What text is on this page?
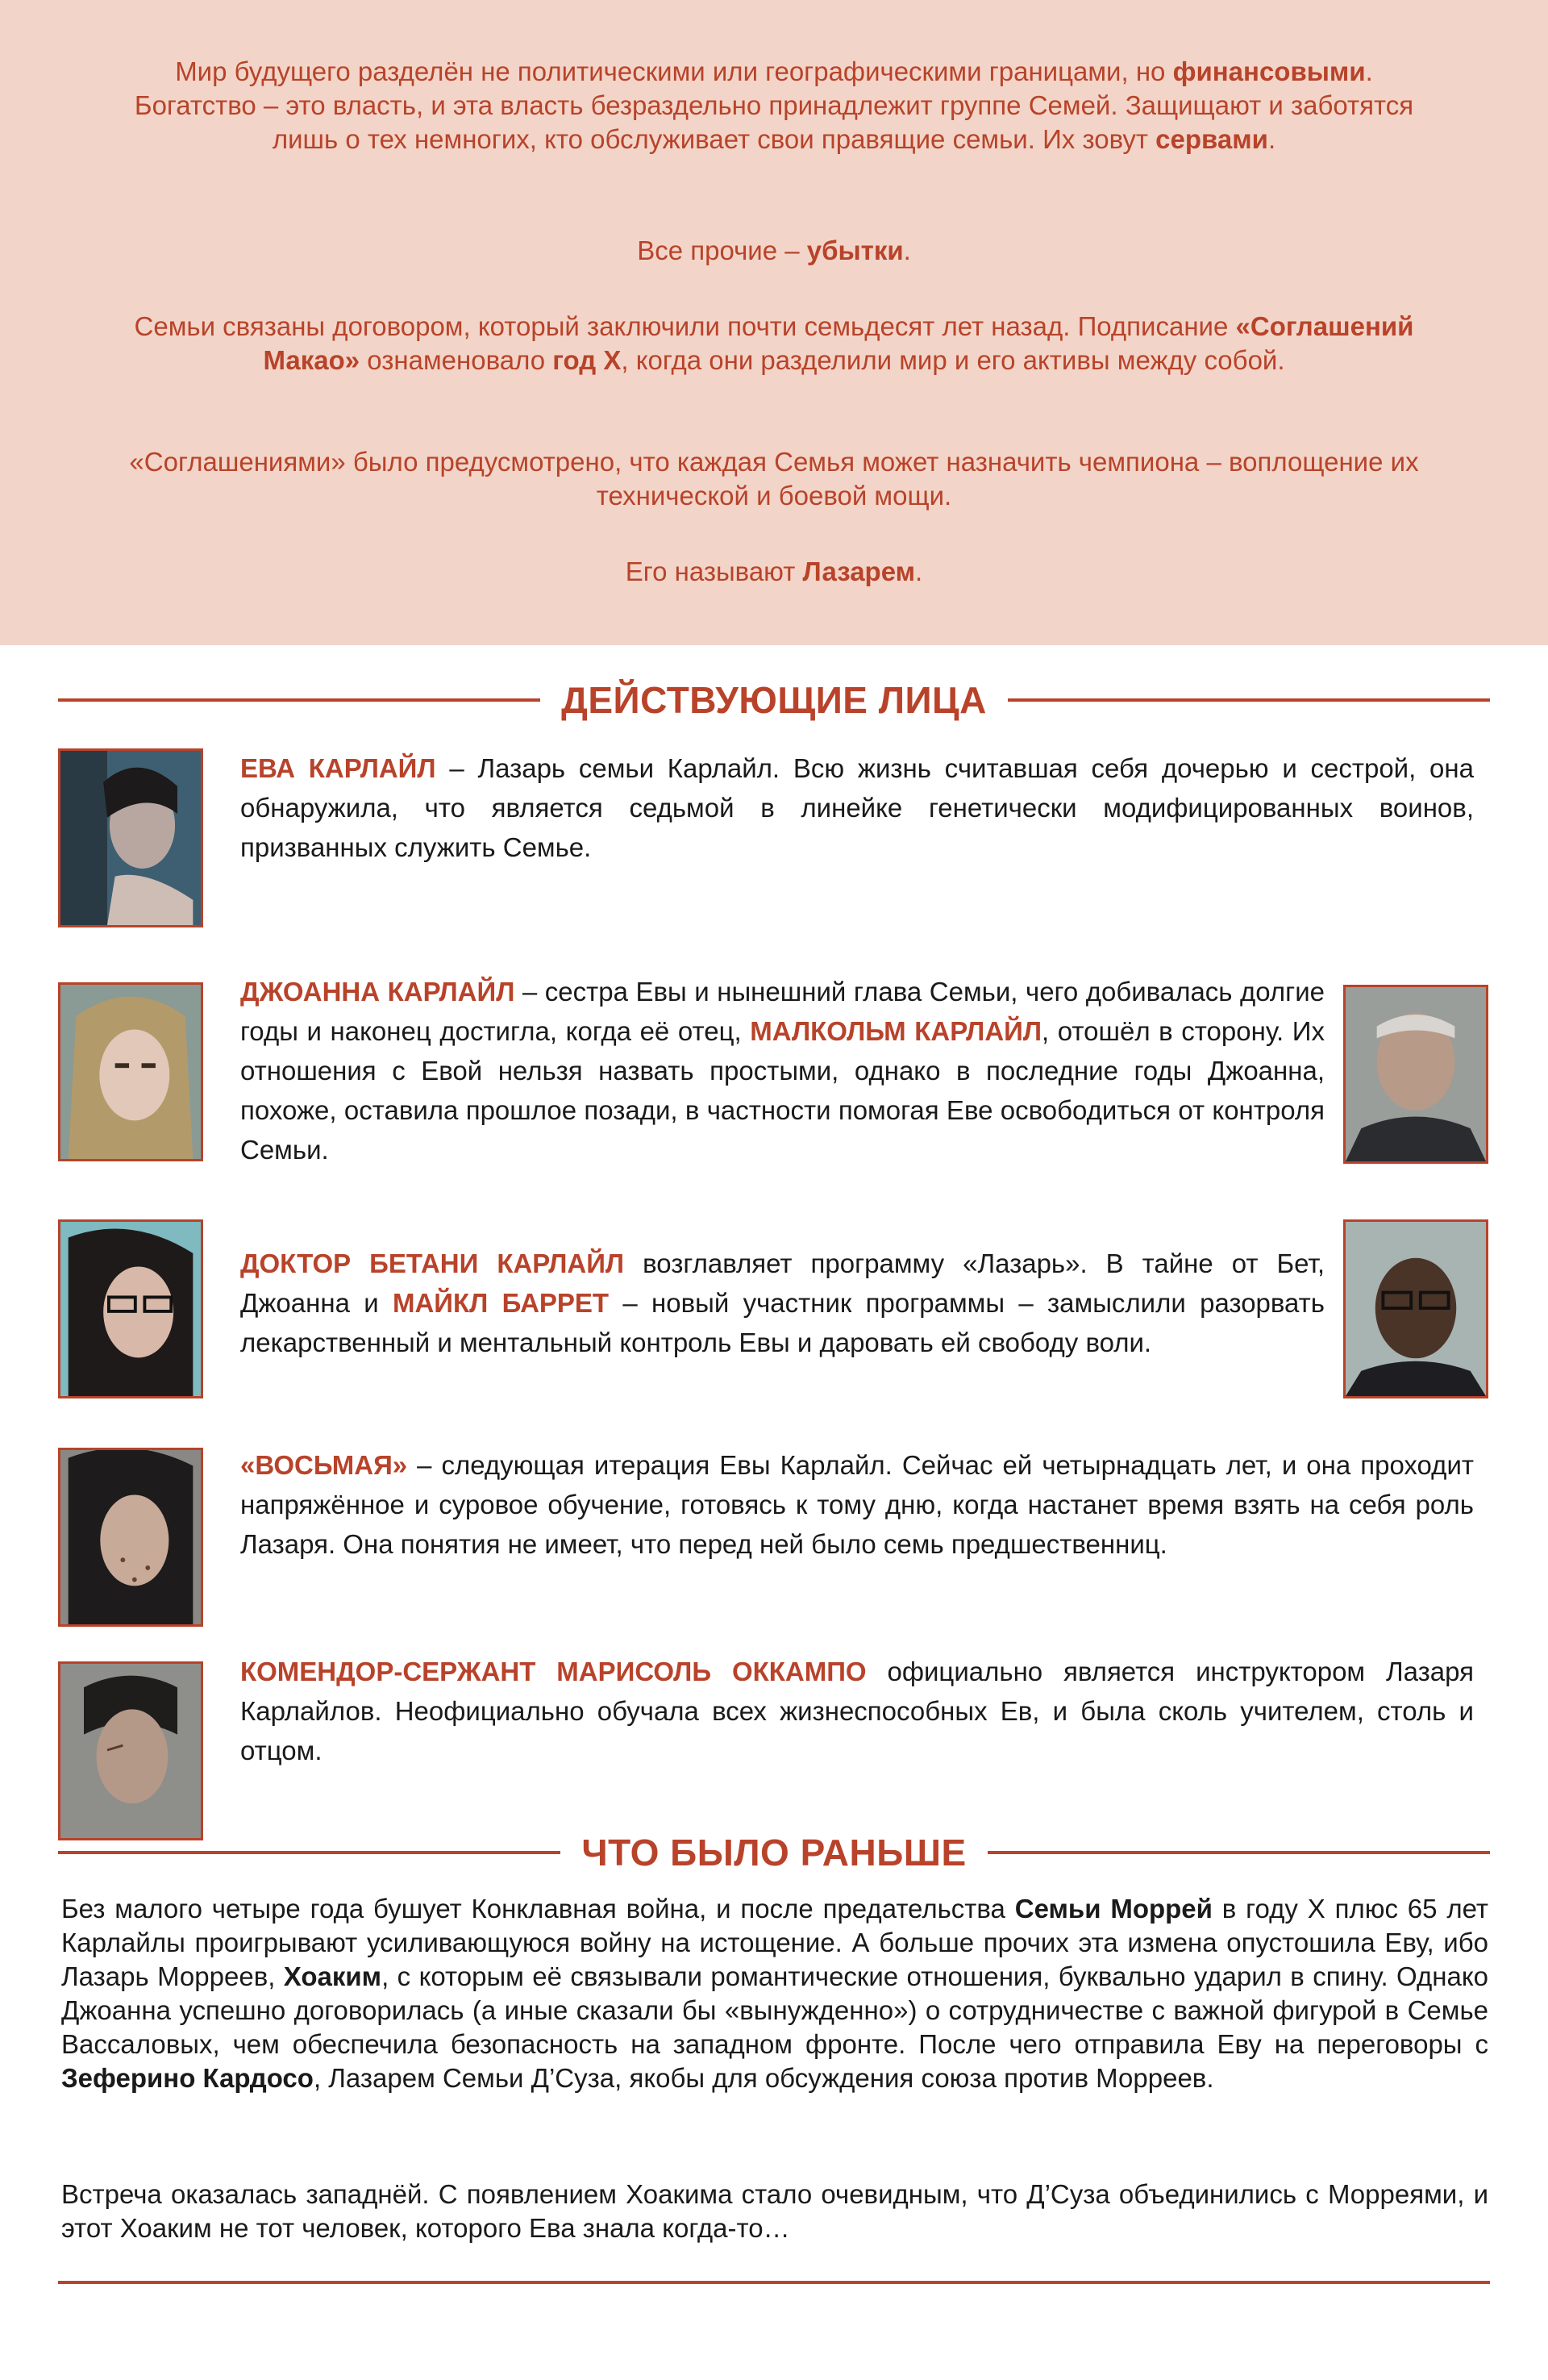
Мир будущего разделён не политическими или географическими границами, но финансовыми. Богатство – это власть, и эта власть безраздельно принадлежит группе Семей. Защищают и заботятся лишь о тех немногих, кто обслуживает свои правящие семьи. Их зовут сервами.

Все прочие – убытки.

Семьи связаны договором, который заключили почти семьдесят лет назад. Подписание «Соглашений Макао» ознаменовало год Х, когда они разделили мир и его активы между собой.

«Соглашениями» было предусмотрено, что каждая Семья может назначить чемпиона – воплощение их технической и боевой мощи.

Его называют Лазарем.

ДЕЙСТВУЮЩИЕ ЛИЦА

ЕВА КАРЛАЙЛ – Лазарь семьи Карлайл. Всю жизнь считавшая себя дочерью и сестрой, она обнаружила, что является седьмой в линейке генетически модифицированных воинов, призванных служить Семье.

ДЖОАННА КАРЛАЙЛ – сестра Евы и нынешний глава Семьи, чего добивалась долгие годы и наконец достигла, когда её отец, МАЛКОЛЬМ КАРЛАЙЛ, отошёл в сторону. Их отношения с Евой нельзя назвать простыми, однако в последние годы Джоанна, похоже, оставила прошлое позади, в частности помогая Еве освободиться от контроля Семьи.

ДОКТОР БЕТАНИ КАРЛАЙЛ возглавляет программу «Лазарь». В тайне от Бет, Джоанна и МАЙКЛ БАРРЕТ – новый участник программы – замыслили разорвать лекарственный и ментальный контроль Евы и даровать ей свободу воли.

«ВОСЬМАЯ» – следующая итерация Евы Карлайл. Сейчас ей четырнадцать лет, и она проходит напряжённое и суровое обучение, готовясь к тому дню, когда настанет время взять на себя роль Лазаря. Она понятия не имеет, что перед ней было семь предшественниц.

КОМЕНДОР-СЕРЖАНТ МАРИСОЛЬ ОККАМПО официально является инструктором Лазаря Карлайлов. Неофициально обучала всех жизнеспособных Ев, и была сколь учителем, столь и отцом.

ЧТО БЫЛО РАНЬШЕ

Без малого четыре года бушует Конклавная война, и после предательства Семьи Моррей в году Х плюс 65 лет Карлайлы проигрывают усиливающуюся войну на истощение. А больше прочих эта измена опустошила Еву, ибо Лазарь Морреев, Хоаким, с которым её связывали романтические отношения, буквально ударил в спину. Однако Джоанна успешно договорилась (а иные сказали бы «вынужденно») о сотрудничестве с важной фигурой в Семье Вассаловых, чем обеспечила безопасность на западном фронте. После чего отправила Еву на переговоры с Зеферино Кардосо, Лазарем Семьи Д’Суза, якобы для обсуждения союза против Морреев.

Встреча оказалась западнёй. С появлением Хоакима стало очевидным, что Д’Суза объединились с Морреями, и этот Хоаким не тот человек, которого Ева знала когда-то…
